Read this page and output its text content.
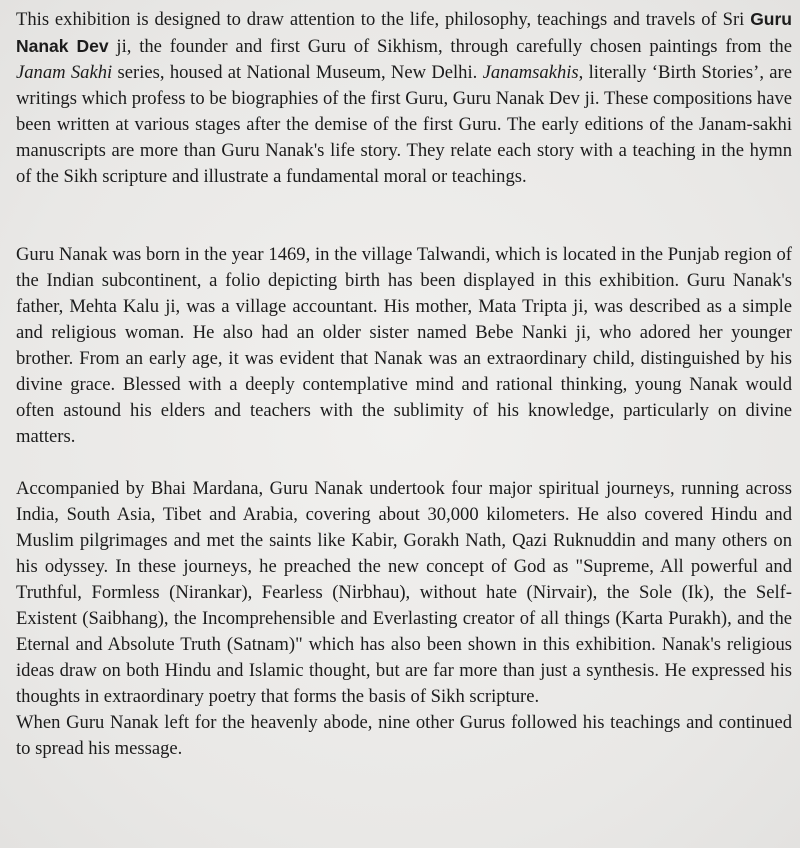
This exhibition is designed to draw attention to the life, philosophy, teachings and travels of Sri Guru Nanak Dev ji, the founder and first Guru of Sikhism, through carefully chosen paintings from the Janam Sakhi series, housed at National Museum, New Delhi. Janamsakhis, literally ‘Birth Stories’, are writings which profess to be biographies of the first Guru, Guru Nanak Dev ji. These compositions have been written at various stages after the demise of the first Guru. The early editions of the Janam-sakhi manuscripts are more than Guru Nanak's life story. They relate each story with a teaching in the hymn of the Sikh scripture and illustrate a fundamental moral or teachings.

Guru Nanak was born in the year 1469, in the village Talwandi, which is located in the Punjab region of the Indian subcontinent, a folio depicting birth has been displayed in this exhibition. Guru Nanak's father, Mehta Kalu ji, was a village accountant. His mother, Mata Tripta ji, was described as a simple and religious woman. He also had an older sister named Bebe Nanki ji, who adored her younger brother. From an early age, it was evident that Nanak was an extraordinary child, distinguished by his divine grace. Blessed with a deeply contemplative mind and rational thinking, young Nanak would often astound his elders and teachers with the sublimity of his knowledge, particularly on divine matters.

Accompanied by Bhai Mardana, Guru Nanak undertook four major spiritual journeys, running across India, South Asia, Tibet and Arabia, covering about 30,000 kilometers. He also covered Hindu and Muslim pilgrimages and met the saints like Kabir, Gorakh Nath, Qazi Ruknuddin and many others on his odyssey. In these journeys, he preached the new concept of God as "Supreme, All powerful and Truthful, Formless (Nirankar), Fearless (Nirbhau), without hate (Nirvair), the Sole (Ik), the Self-Existent (Saibhang), the Incomprehensible and Everlasting creator of all things (Karta Purakh), and the Eternal and Absolute Truth (Satnam)" which has also been shown in this exhibition. Nanak's religious ideas draw on both Hindu and Islamic thought, but are far more than just a synthesis. He expressed his thoughts in extraordinary poetry that forms the basis of Sikh scripture.

When Guru Nanak left for the heavenly abode, nine other Gurus followed his teachings and continued to spread his message.
